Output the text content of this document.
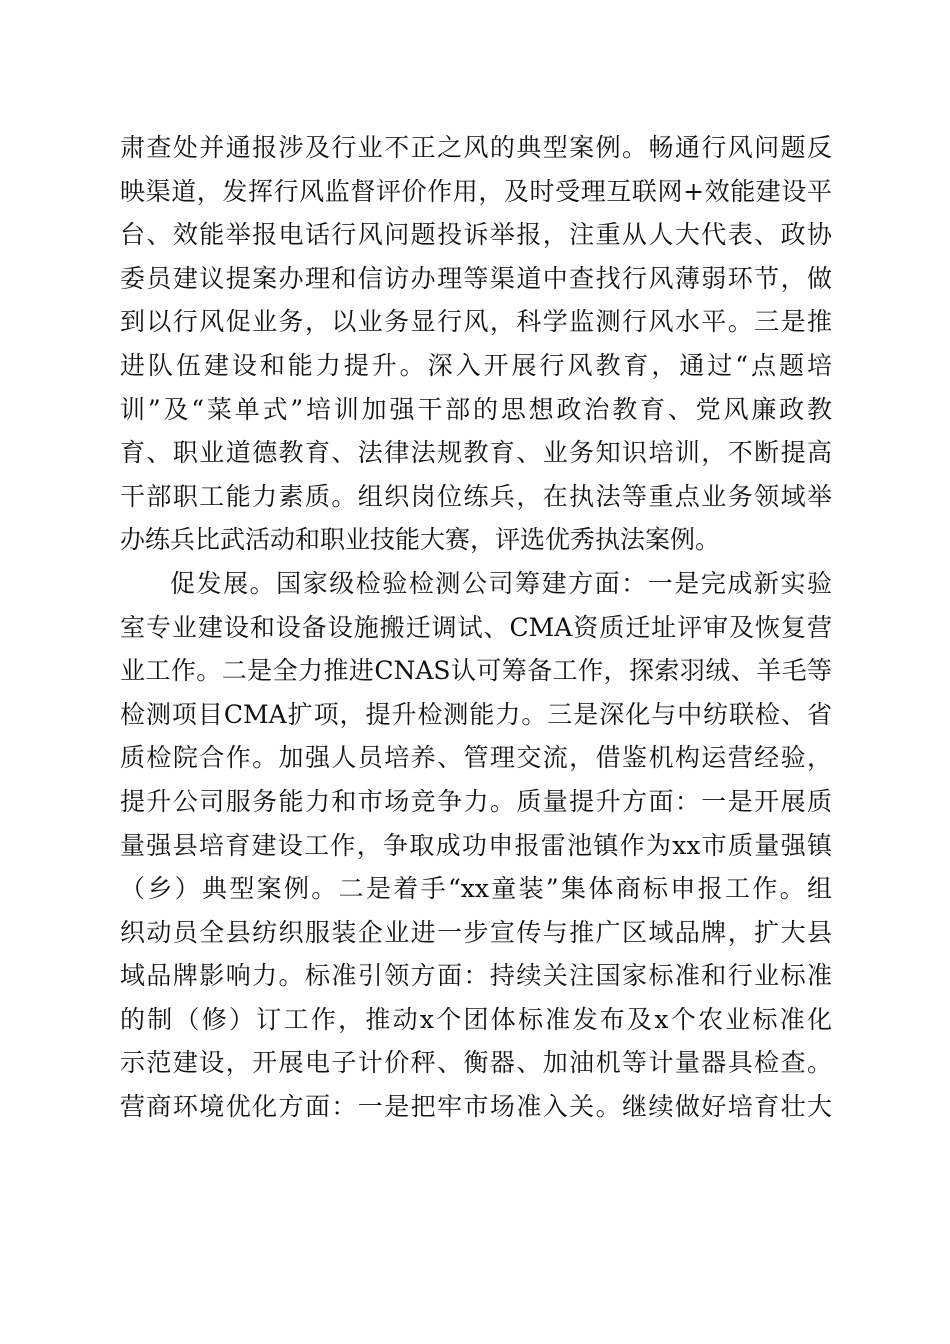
肃查处并通报涉及行业不正之风的典型案例。畅通行风问题反
映渠道，发挥行风监督评价作用，及时受理互联网+效能建设平
台、效能举报电话行风问题投诉举报，注重从人大代表、政协
委员建议提案办理和信访办理等渠道中查找行风薄弱环节，做
到以行风促业务，以业务显行风，科学监测行风水平。三是推
进队伍建设和能力提升。深入开展行风教育，通过“点题培
训”及“菜单式”培训加强干部的思想政治教育、党风廉政教
育、职业道德教育、法律法规教育、业务知识培训，不断提高
干部职工能力素质。组织岗位练兵，在执法等重点业务领域举
办练兵比武活动和职业技能大赛，评选优秀执法案例。
促发展。国家级检验检测公司筹建方面：一是完成新实验
室专业建设和设备设施搬迁调试、CMA资质迁址评审及恢复营
业工作。二是全力推进CNAS认可筹备工作，探索羽绒、羊毛等
检测项目CMA扩项，提升检测能力。三是深化与中纺联检、省
质检院合作。加强人员培养、管理交流，借鉴机构运营经验，
提升公司服务能力和市场竞争力。质量提升方面：一是开展质
量强县培育建设工作，争取成功申报雷池镇作为xx市质量强镇
（乡）典型案例。二是着手“xx童装”集体商标申报工作。组
织动员全县纺织服装企业进一步宣传与推广区域品牌，扩大县
域品牌影响力。标准引领方面：持续关注国家标准和行业标准
的制（修）订工作，推动x个团体标准发布及x个农业标准化
示范建设，开展电子计价秤、衡器、加油机等计量器具检查。
营商环境优化方面：一是把牢市场准入关。继续做好培育壮大
